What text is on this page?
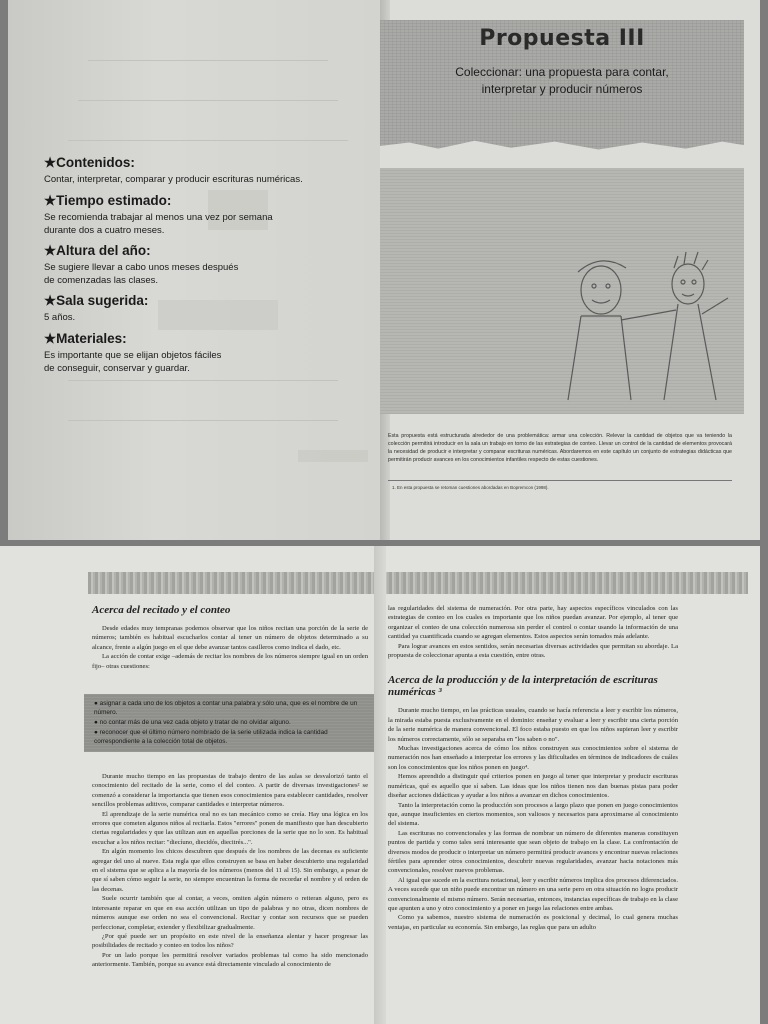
Propuesta III
Coleccionar: una propuesta para contar,
interpretar y producir números
★Contenidos:
Contar, interpretar, comparar y producir escrituras numéricas.
★Tiempo estimado:
Se recomienda trabajar al menos una vez por semana
durante dos a cuatro meses.
★Altura del año:
Se sugiere llevar a cabo unos meses después
de comenzadas las clases.
★Sala sugerida:
5 años.
★Materiales:
Es importante que se elijan objetos fáciles
de conseguir, conservar y guardar.
Esta propuesta está estructurada alrededor de una problemática: armar una colección. Relevar la cantidad de objetos que va teniendo la colección permitirá introducir en la sala un trabajo en torno de las estrategias de conteo. Llevar un control de la cantidad de elementos provocará la necesidad de producir e interpretar y comparar escrituras numéricas. Abordaremos en este capítulo un conjunto de estrategias didácticas que permitirán producir avances en los conocimientos infantiles respecto de estas cuestiones.
1. En esta propuesta se retoman cuestiones abordadas en Bopremcon (1998).
Acerca del recitado y el conteo

Desde edades muy tempranas podemos observar que los niños recitan una porción de la serie de números; también es habitual escucharlos contar al tener un número de objetos determinado a su alcance, frente a algún juego en el que debe avanzar tantos casilleros como indica el dado, etc.

La acción de contar exige –además de recitar los nombres de los números siempre igual en un orden fijo– otras cuestiones:

● asignar a cada uno de los objetos a contar una palabra y sólo una, que es el nombre de un número.

● no contar más de una vez cada objeto y tratar de no olvidar alguno.

● reconocer que el último número nombrado de la serie utilizada indica la cantidad correspondiente a la colección total de objetos.

Durante mucho tiempo en las propuestas de trabajo dentro de las aulas se desvalorizó tanto el conocimiento del recitado de la serie, como el del conteo. A partir de diversas investigaciones² se comenzó a considerar la importancia que tienen esos conocimientos para establecer cantidades, resolver sencillos problemas aditivos, comparar cantidades e interpretar números.

El aprendizaje de la serie numérica oral no es tan mecánico como se creía. Hay una lógica en los errores que cometen algunos niños al recitarla. Estos "errores" ponen de manifiesto que han descubierto ciertas regularidades y que las utilizan aun en aquellas porciones de la serie que no lo son. Es habitual escuchar a los niños recitar: "diecíuno, diecidós, diecitrés...".

En algún momento los chicos descubren que después de los nombres de las decenas es suficiente agregar del uno al nueve. Esta regla que ellos construyen se basa en haber descubierto una regularidad en el sistema que se aplica a la mayoría de los números (menos del 11 al 15). Sin embargo, a pesar de que sí saben cómo seguir la serie, no siempre encuentran la forma de recordar el nombre y el orden de las decenas.

Suele ocurrir también que al contar, a veces, omiten algún número o reiteran alguno, pero es interesante reparar en que en esa acción utilizan un tipo de palabras y no otras, dicen nombres de números aunque ese orden no sea el convencional. Recitar y contar son recursos que se pueden perfeccionar, completar, extender y flexibilizar gradualmente.

¿Por qué puede ser un propósito en este nivel de la enseñanza alentar y hacer progresar las posibilidades de recitado y conteo en todos los niños?

Por un lado porque les permitirá resolver variados problemas tal como ha sido mencionado anteriormente. También, porque su avance está directamente vinculado al conocimiento de

las regularidades del sistema de numeración. Por otra parte, hay aspectos específicos vinculados con las estrategias de conteo en los cuales es importante que los niños puedan avanzar. Por ejemplo, al tener que organizar el conteo de una colección numerosa sin perder el control o contar usando la información de una cantidad ya cuantificada cuando se agregan elementos. Estos aspectos serán tomados más adelante.

Para lograr avances en estos sentidos, serán necesarias diversas actividades que permitan su abordaje. La propuesta de coleccionar apunta a esta cuestión, entre otras.

Acerca de la producción y de la interpretación de escrituras numéricas ³

Durante mucho tiempo, en las prácticas usuales, cuando se hacía referencia a leer y escribir los números, la mirada estaba puesta exclusivamente en el dominio: enseñar y evaluar a leer y escribir una cierta porción de la serie numérica de manera convencional. El foco estaba puesto en que los niños supieran leer y escribir los números correctamente, sólo se separaba en "los saben o no".

Muchas investigaciones acerca de cómo los niños construyen sus conocimientos sobre el sistema de numeración nos han enseñado a interpretar los errores y las dificultades en términos de indicadores de cuáles son los conocimientos que los niños ponen en juego⁴.

Hemos aprendido a distinguir qué criterios ponen en juego al tener que interpretar y producir escrituras numéricas, qué es aquello que sí saben. Las ideas que los niños tienen nos dan buenas pistas para poder diseñar acciones didácticas y ayudar a los niños a avanzar en dichos conocimientos.

Tanto la interpretación como la producción son procesos a largo plazo que ponen en juego conocimientos que, aunque insuficientes en ciertos momentos, son valiosos y necesarios para aproximarse al conocimiento del sistema.

Las escrituras no convencionales y las formas de nombrar un número de diferentes maneras constituyen puntos de partida y como tales será interesante que sean objeto de trabajo en la clase. La confrontación de diversos modos de producir o interpretar un número permitirá producir avances y encontrar nuevas relaciones fértiles para aprender otros conocimientos, descubrir nuevas regularidades, avanzar hacia notaciones más convencionales, resolver nuevos problemas.

Al igual que sucede en la escritura notacional, leer y escribir números implica dos procesos diferenciados. A veces sucede que un niño puede encontrar un número en una serie pero en otra situación no logra producir convencionalmente el mismo número. Serán necesarias, entonces, instancias específicas de trabajo en la clase que apunten a uno y otro conocimiento y a poner en juego las relaciones entre ambas.

Como ya sabemos, nuestro sistema de numeración es posicional y decimal, lo cual genera muchas ventajas, en particular su economía. Sin embargo, las reglas que para un adulto
